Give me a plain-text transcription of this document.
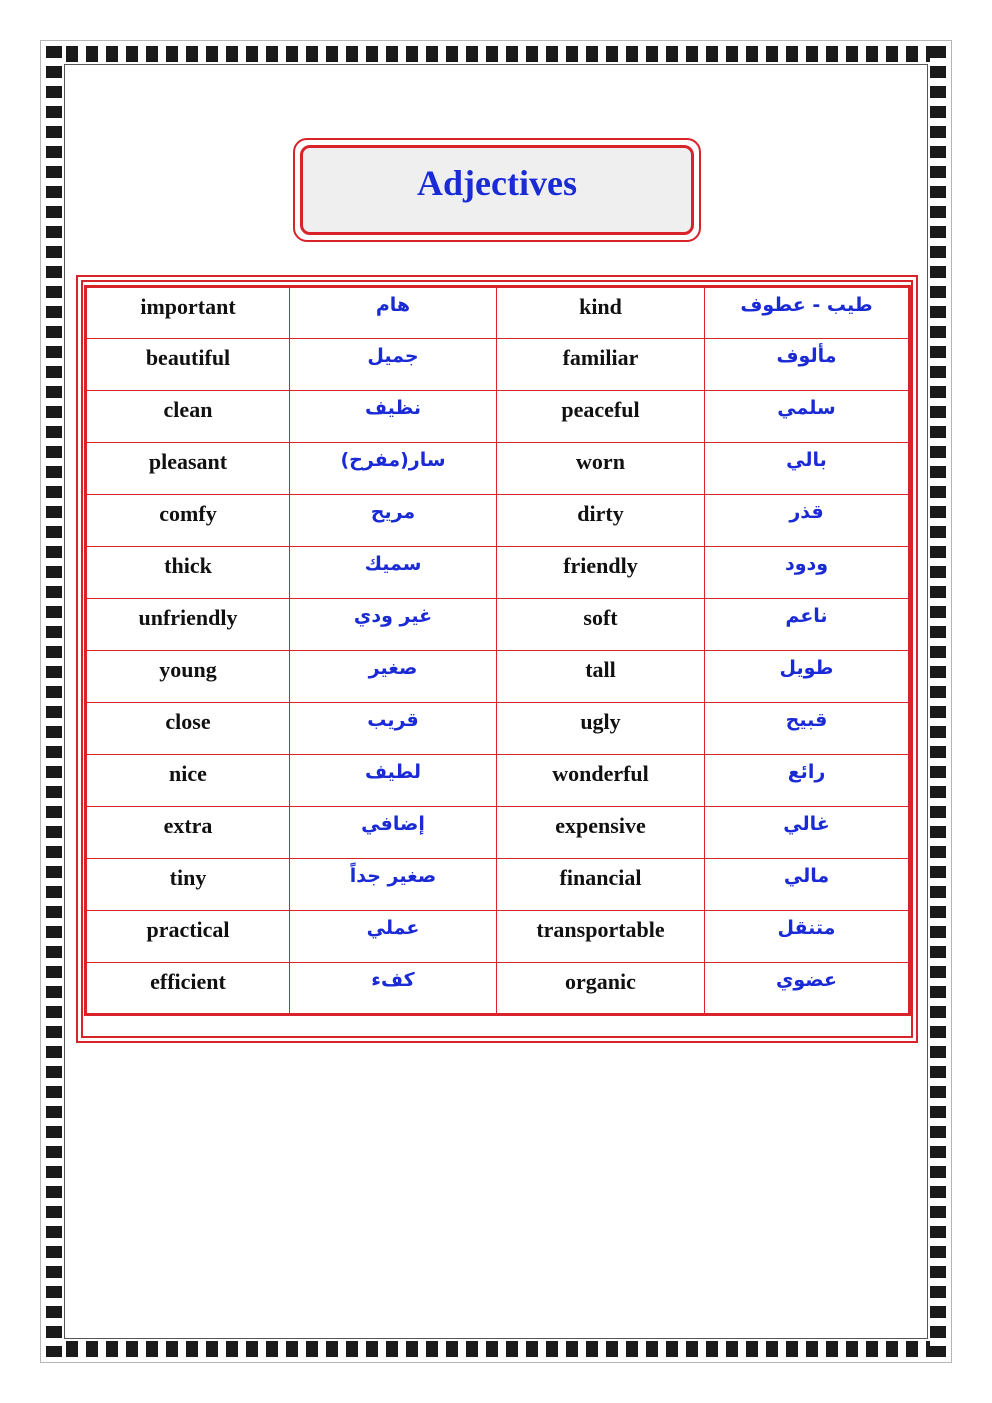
Adjectives
important	هام	kind	طيب - عطوف
beautiful	جميل	familiar	مألوف
clean	نظيف	peaceful	سلمي
pleasant	سار(مفرح)	worn	بالي
comfy	مريح	dirty	قذر
thick	سميك	friendly	ودود
unfriendly	غير ودي	soft	ناعم
young	صغير	tall	طويل
close	قريب	ugly	قبيح
nice	لطيف	wonderful	رائع
extra	إضافي	expensive	غالي
tiny	صغير جداً	financial	مالي
practical	عملي	transportable	متنقل
efficient	كفء	organic	عضوي
